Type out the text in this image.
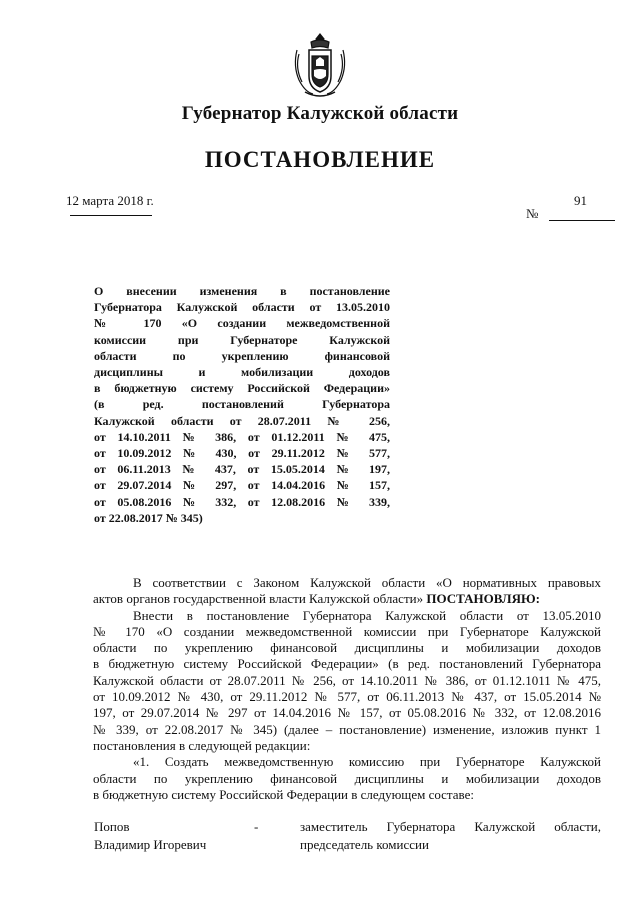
Губернатор Калужской области
ПОСТАНОВЛЕНИЕ
12 марта 2018 г.	91
№
О внесении изменения в постановление
Губернатора Калужской области от 13.05.2010
№ 170 «О создании межведомственной
комиссии при Губернаторе Калужской
области по укреплению финансовой
дисциплины и мобилизации доходов
в бюджетную систему Российской Федерации»
(в ред. постановлений Губернатора
Калужской области от 28.07.2011 № 256,
от 14.10.2011 № 386, от 01.12.2011 № 475,
от 10.09.2012 № 430, от 29.11.2012 № 577,
от 06.11.2013 № 437, от 15.05.2014 № 197,
от 29.07.2014 № 297, от 14.04.2016 № 157,
от 05.08.2016 № 332, от 12.08.2016 № 339,
от 22.08.2017 № 345)
В соответствии с Законом Калужской области «О нормативных правовых
актов органов государственной власти Калужской области» ПОСТАНОВЛЯЮ:
Внести в постановление Губернатора Калужской области от 13.05.2010
№ 170 «О создании межведомственной комиссии при Губернаторе Калужской
области по укреплению финансовой дисциплины и мобилизации доходов
в бюджетную систему Российской Федерации» (в ред. постановлений Губернатора
Калужской области от 28.07.2011 № 256, от 14.10.2011 № 386, от 01.12.1011 № 475,
от 10.09.2012 № 430, от 29.11.2012 № 577, от 06.11.2013 № 437, от 15.05.2014 №
197, от 29.07.2014 № 297 от 14.04.2016 № 157, от 05.08.2016 № 332, от 12.08.2016
№ 339, от 22.08.2017 № 345) (далее – постановление) изменение, изложив пункт 1
постановления в следующей редакции:
«1. Создать межведомственную комиссию при Губернаторе Калужской
области по укреплению финансовой дисциплины и мобилизации доходов
в бюджетную систему Российской Федерации в следующем составе:
Попов
Владимир Игоревич
-	заместитель Губернатора Калужской области,
председатель комиссии
